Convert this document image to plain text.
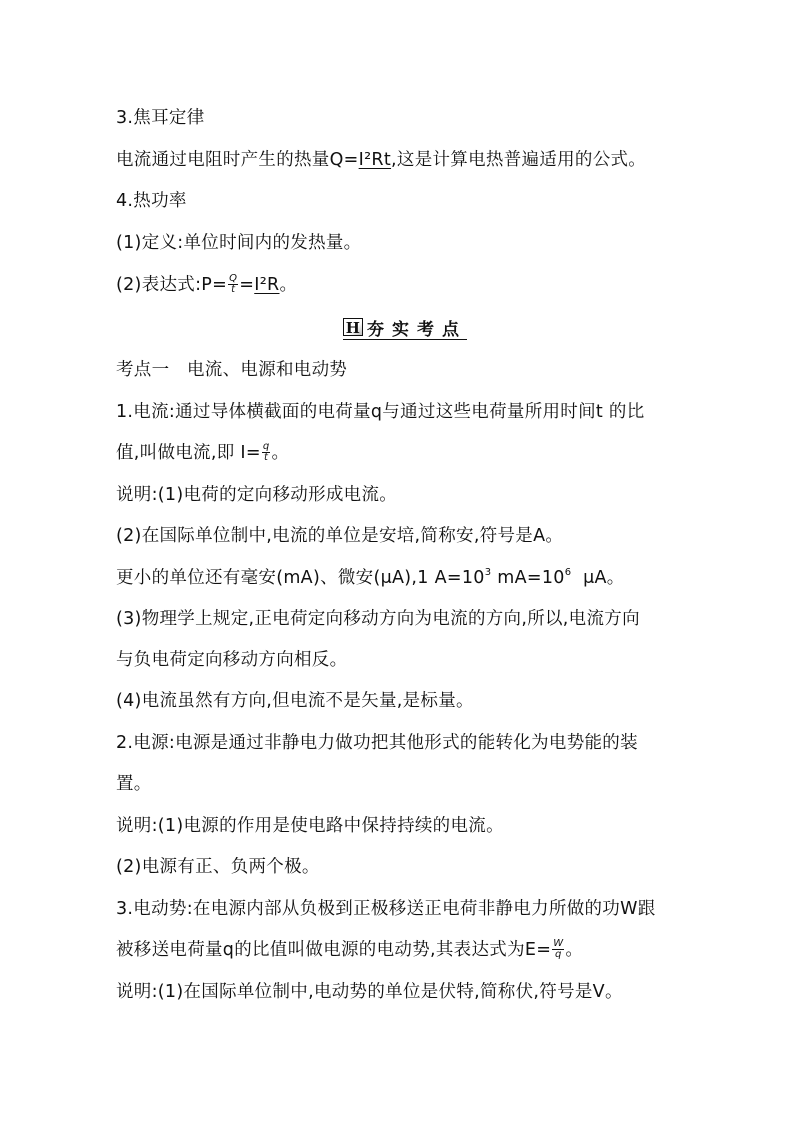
3.焦耳定律
电流通过电阻时产生的热量Q=I²Rt,这是计算电热普遍适用的公式。
4.热功率
(1)定义:单位时间内的发热量。
(2)表达式:P= $\frac{Q}{t} =I^2R$。
H 夯实考点
考点一   电流、电源和电动势
1.电流:通过导体横截面的电荷量q与通过这些电荷量所用时间t 的比
值,叫做电流,即 $I= \frac{q}{t}$ 。
说明:(1)电荷的定向移动形成电流。
(2)在国际单位制中,电流的单位是安培,简称安,符号是A。
更小的单位还有毫安(mA)、微安(μA),1 $A=10^3$ $mA=10^6$  μA。
(3)物理学上规定,正电荷定向移动方向为电流的方向,所以,电流方向
与负电荷定向移动方向相反。
(4)电流虽然有方向,但电流不是矢量,是标量。
2.电源:电源是通过非静电力做功把其他形式的能转化为电势能的装
置。
说明:(1)电源的作用是使电路中保持持续的电流。
(2)电源有正、负两个极。
3.电动势:在电源内部从负极到正极移送正电荷非静电力所做的功W跟
被移送电荷量q的比值叫做电源的电动势,其表达式为$E= \frac{W}{q}$ 。
说明:(1)在国际单位制中,电动势的单位是伏特,简称伏,符号是V。
